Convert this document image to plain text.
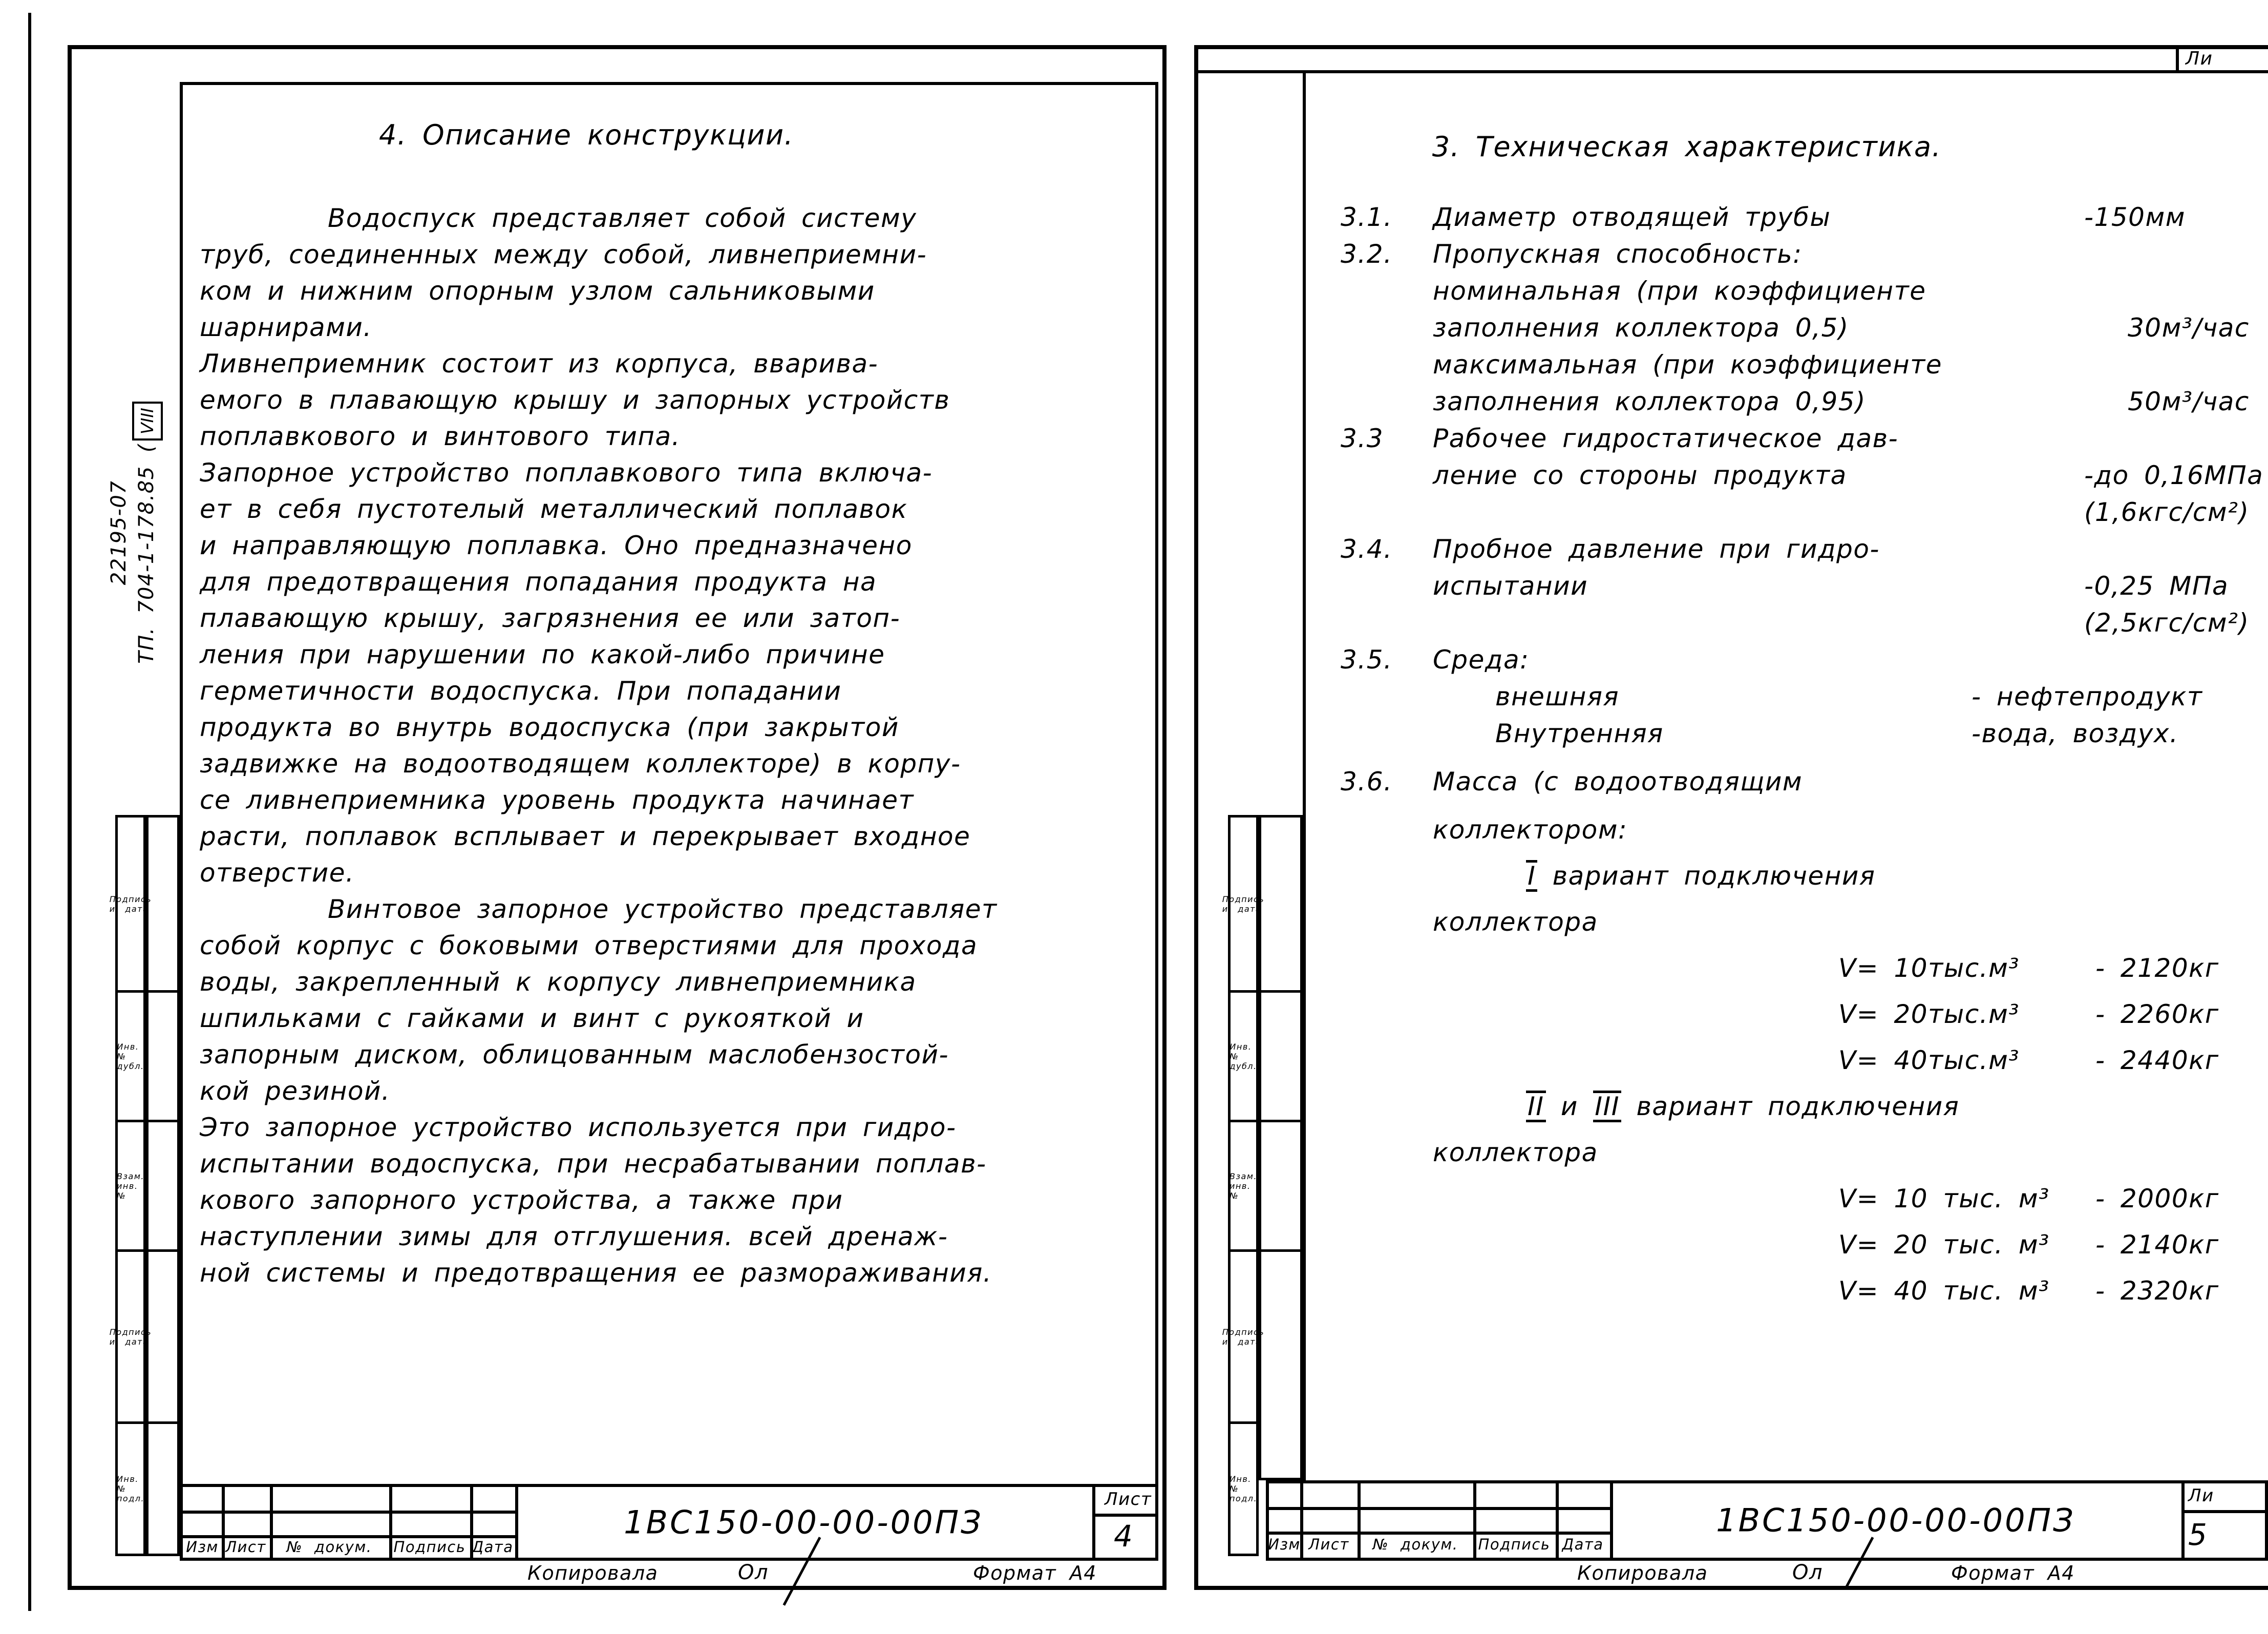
22195-07 ТП. 704-1-178.85 (VIII
Подпись и дата
Инв. № дубл.
Взам. инв. №
Подпись и дата
Инв. № подл.
4. Описание конструкции.
Водоспуск представляет собой систему
труб, соединенных между собой, ливнеприемни-
ком и нижним опорным узлом сальниковыми
шарнирами.
Ливнеприемник состоит из корпуса, вварива-
емого в плавающую крышу и запорных устройств
поплавкового и винтового типа.
Запорное устройство поплавкового типа включа-
ет в себя пустотелый металлический поплавок
и направляющую поплавка. Оно предназначено
для предотвращения попадания продукта на
плавающую крышу, загрязнения ее или затоп-
ления при нарушении по какой-либо причине
герметичности водоспуска. При попадании
продукта во внутрь водоспуска (при закрытой
задвижке на водоотводящем коллекторе) в корпу-
се ливнеприемника уровень продукта начинает
расти, поплавок всплывает и перекрывает входное
отверстие.
Винтовое запорное устройство представляет
собой корпус с боковыми отверстиями для прохода
воды, закрепленный к корпусу ливнеприемника
шпильками с гайками и винт с рукояткой и
запорным диском, облицованным маслобензостой-
кой резиной.
Это запорное устройство используется при гидро-
испытании водоспуска, при несрабатывании поплав-
кового запорного устройства, а также при
наступлении зимы для отглушения. всей дренаж-
ной системы и предотвращения ее размораживания.
Изм Лист № докум. Подпись Дата
1ВС150-00-00-00ПЗ
Лист
4
Копировала	Ол	Формат А4
Ли
Подпись и дата
Инв. № дубл.
Взам. инв. №
Подпись и дата
Инв. № подл.
3. Техническая характеристика.
3.1. Диаметр отводящей трубы	-150мм
3.2. Пропускная способность:
номинальная (при коэффициенте
заполнения коллектора 0,5)	30м³/час
максимальная (при коэффициенте
заполнения коллектора 0,95)	50м³/час
3.3 Рабочее гидростатическое дав-
ление со стороны продукта	-до 0,16МПа
(1,6кгс/см²)
3.4. Пробное давление при гидро-
испытании	-0,25 МПа
(2,5кгс/см²)
3.5. Среда:
внешняя	- нефтепродукт
Внутренняя	-вода, воздух.
3.6. Масса (с водоотводящим
коллектором:
I вариант подключения
коллектора
V= 10тыс.м³	- 2120кг
V= 20тыс.м³	- 2260кг
V= 40тыс.м³	- 2440кг
II и III вариант подключения
коллектора
V= 10 тыс. м³ - 2000кг
V= 20 тыс. м³ - 2140кг
V= 40 тыс. м³ - 2320кг
Изм Лист № докум. Подпись Дата
1ВС150-00-00-00ПЗ
Ли
5
Копировала	Ол	Формат А4
